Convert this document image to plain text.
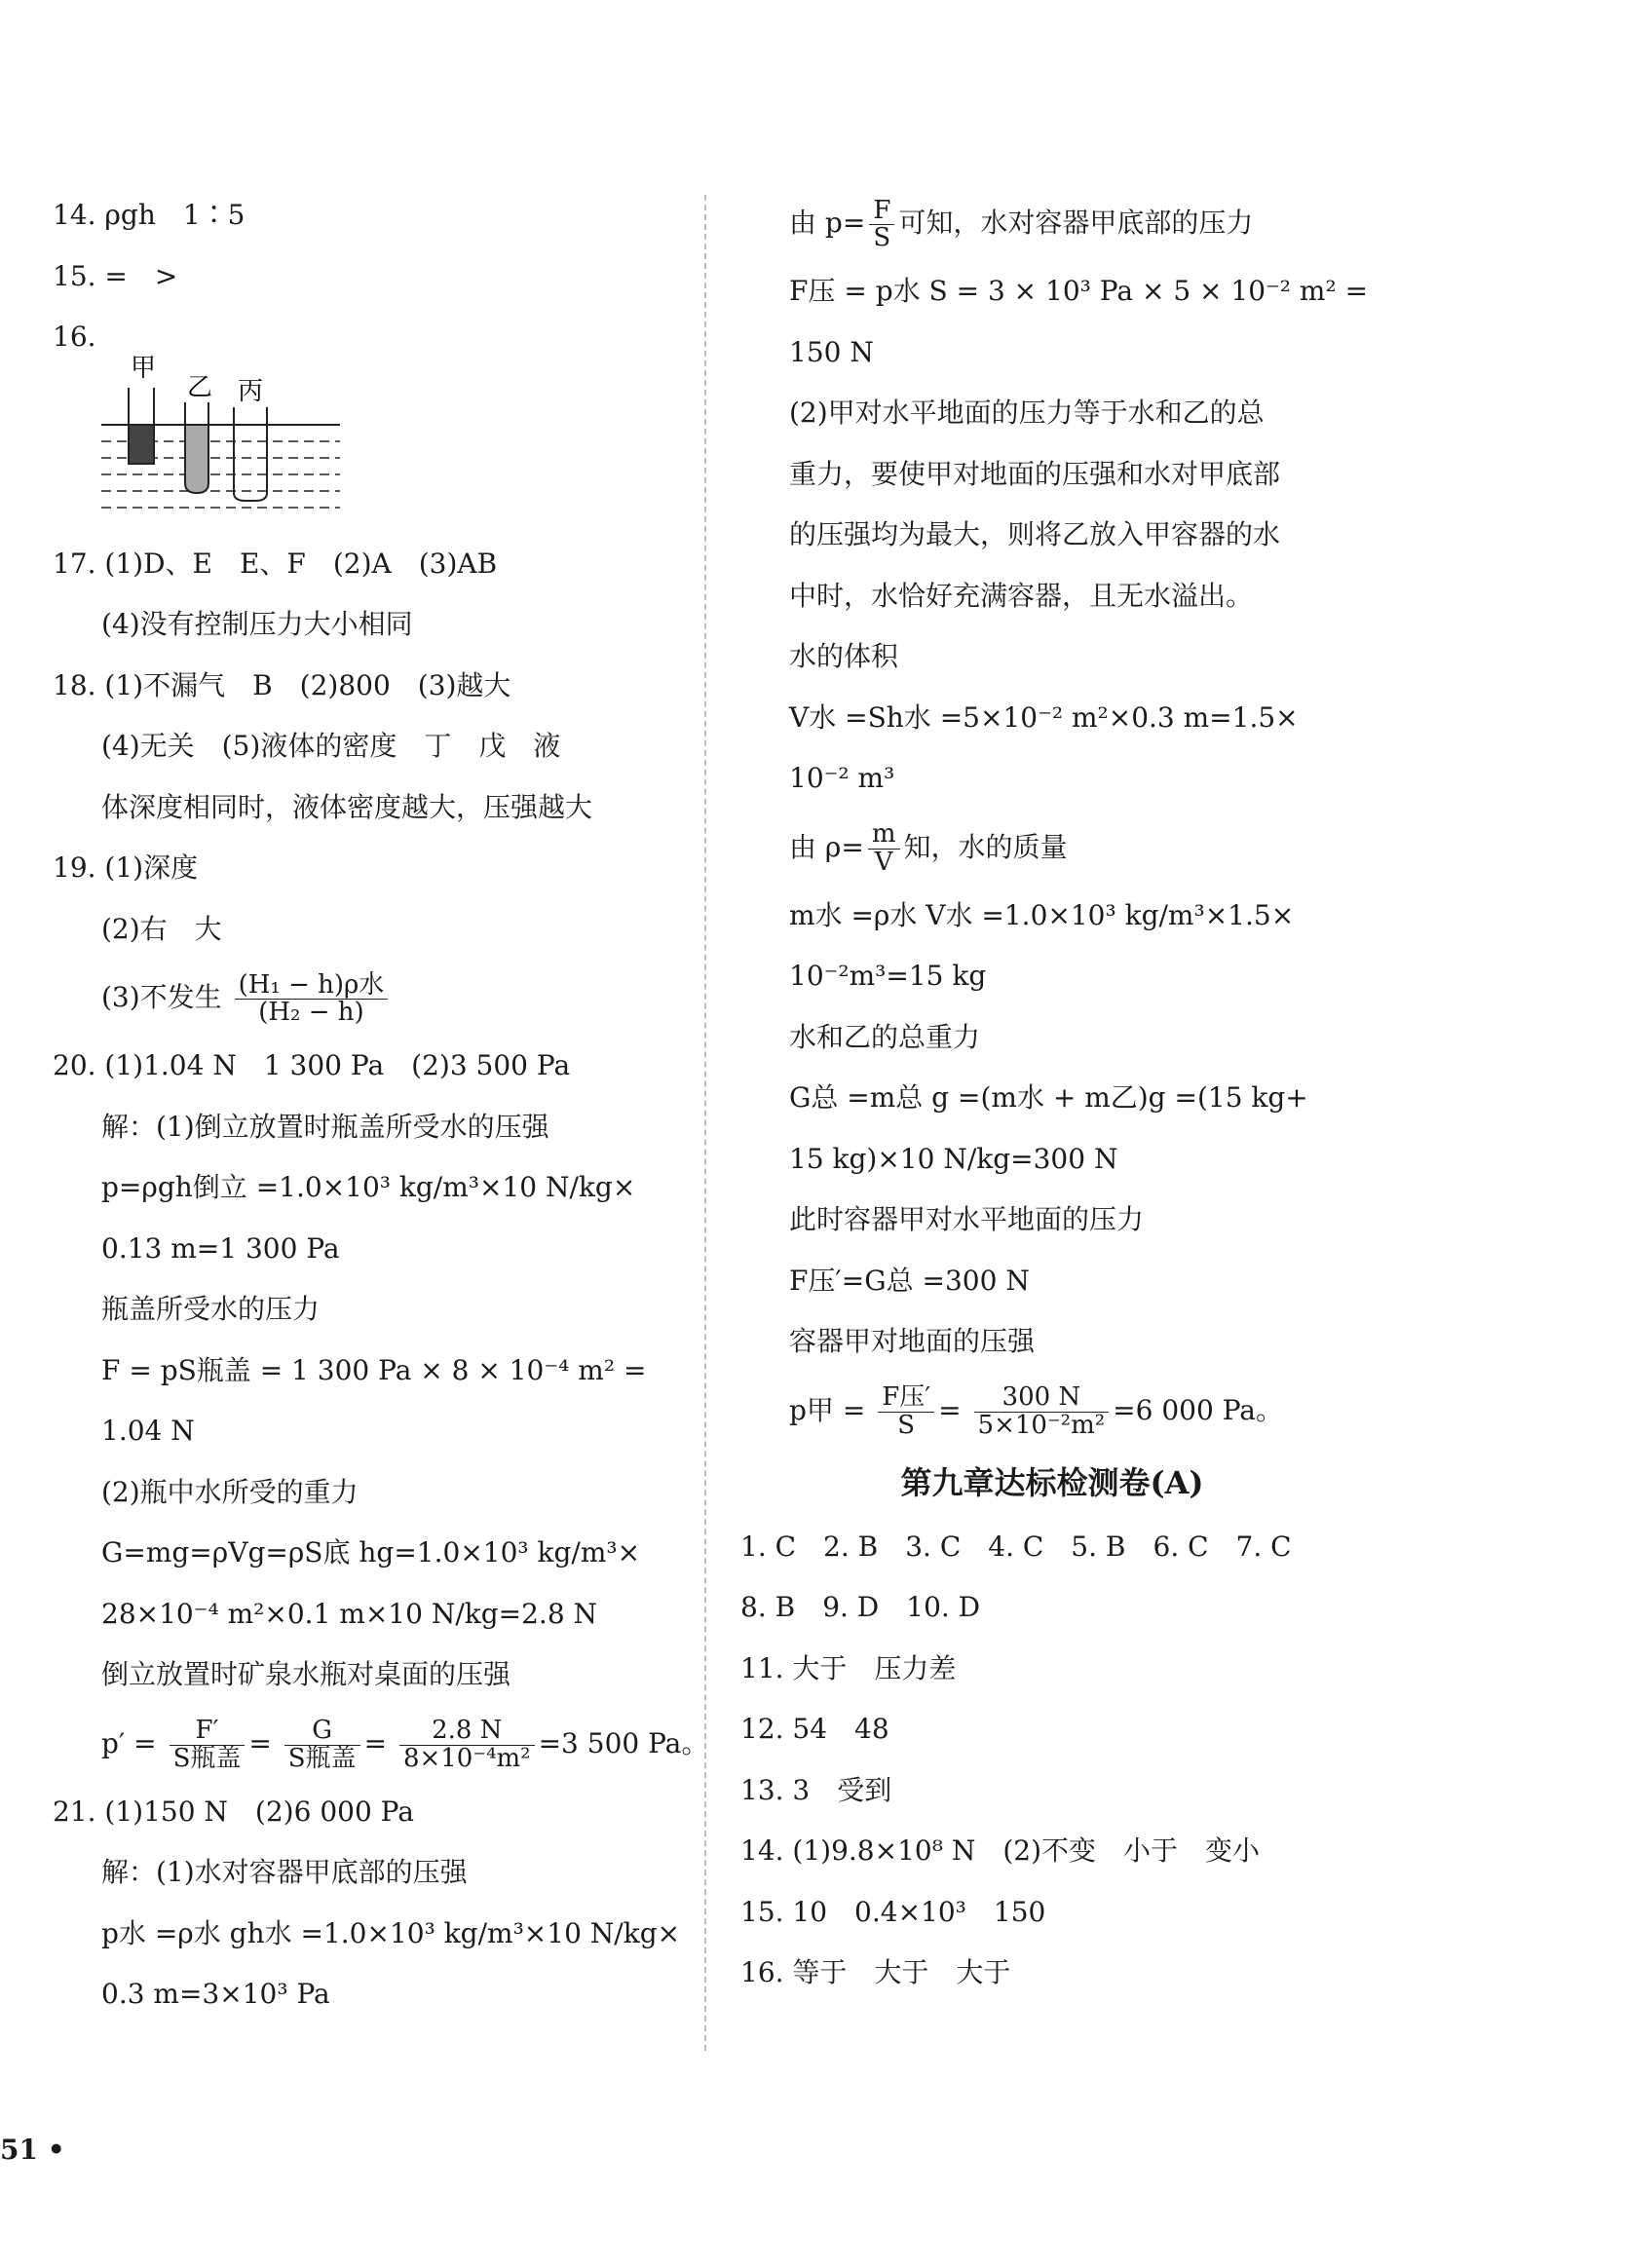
14. ρgh　1∶5
15. =　>
16.
甲
乙 丙
17. (1)D、E　E、F　(2)A　(3)AB
(4)没有控制压力大小相同
18. (1)不漏气　B　(2)800　(3)越大
(4)无关　(5)液体的密度　丁　戊　液
体深度相同时，液体密度越大，压强越大
19. (1)深度
(2)右　大
(3)不发生 $\frac{\text{(H₁ − h)ρ水}}{\text{(H₂ − h)}}$
20. (1)1.04 N　1 300 Pa　(2)3 500 Pa
解：(1)倒立放置时瓶盖所受水的压强
p=ρgh倒立 =1.0×10³ kg/m³×10 N/kg×
0.13 m=1 300 Pa
瓶盖所受水的压力
F = pS瓶盖 = 1 300 Pa × 8 × 10⁻⁴ m² =
1.04 N
(2)瓶中水所受的重力
G=mg=ρVg=ρS底 hg=1.0×10³ kg/m³×
28×10⁻⁴ m²×0.1 m×10 N/kg=2.8 N
倒立放置时矿泉水瓶对桌面的压强
$p' = \frac{F'}{\text{S瓶盖}} = \frac{G}{\text{S瓶盖}} = \frac{2.8 N}{\text{8×10⁻⁴m²}} =3$ 500 Pa。
21. (1)150 N　(2)6 000 Pa
解：(1)水对容器甲底部的压强
p水 =ρ水 gh水 =1.0×10³ kg/m³×10 N/kg×
0.3 m=3×10³ Pa
由 $p= \frac{F}{S}$ 可知，水对容器甲底部的压力
F压 = p水 S = 3 × 10³ Pa × 5 × 10⁻² m² =
150 N
(2)甲对水平地面的压力等于水和乙的总
重力，要使甲对地面的压强和水对甲底部
的压强均为最大，则将乙放入甲容器的水
中时，水恰好充满容器，且无水溢出。
水的体积
V水 =Sh水 =5×10⁻² m²×0.3 m=1.5×
10⁻² m³
由 $\rho= \frac{m}{V}$ 知，水的质量
m水 =ρ水 V水 =1.0×10³ kg/m³×1.5×
10⁻²m³=15 kg
水和乙的总重力
G总 =m总 g =(m水 + m乙)g =(15 kg+
15 kg)×10 N/kg=300 N
此时容器甲对水平地面的压力
F压′=G总 =300 N
容器甲对地面的压强
p甲 = $\frac{\text{F压′}}{S} = \frac{300 N}{\text{5×10⁻²m²}} =6$ 000 Pa。
第九章达标检测卷(A)
1. C　2. B　3. C　4. C　5. B　6. C　7. C
8. B　9. D　10. D
11. 大于　压力差
12. 54　48
13. 3　受到
14. (1)9.8×10⁸ N　(2)不变　小于　变小
15. 10　0.4×10³　150
16. 等于　大于　大于
51 •
